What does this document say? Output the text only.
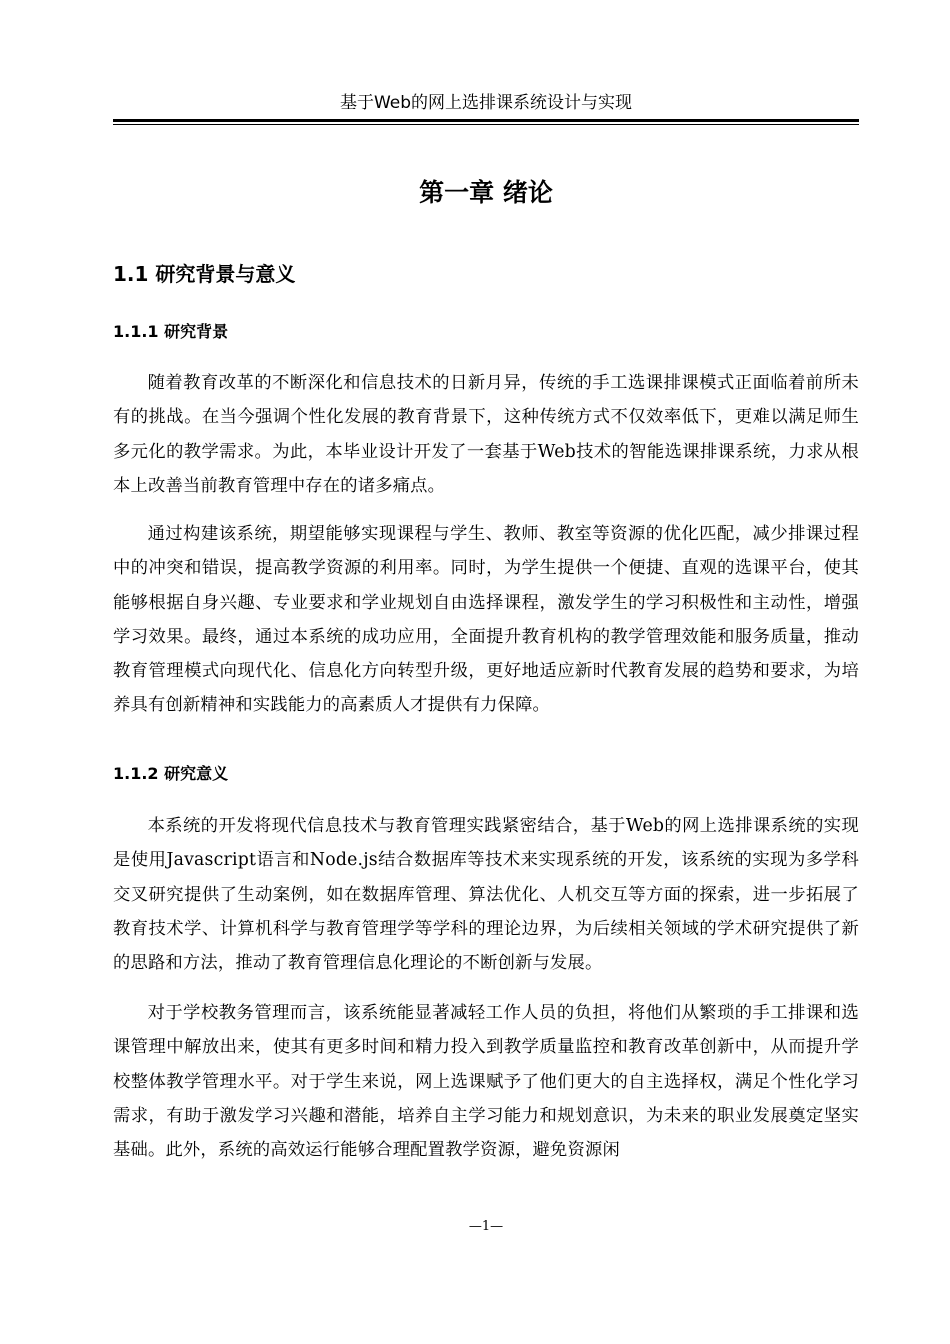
基于Web的网上选排课系统设计与实现
第一章 绪论
1.1 研究背景与意义
1.1.1 研究背景

随着教育改革的不断深化和信息技术的日新月异，传统的手工选课排课模式正面临着前所未有的挑战。在当今强调个性化发展的教育背景下，这种传统方式不仅效率低下，更难以满足师生多元化的教学需求。为此，本毕业设计开发了一套基于Web技术的智能选课排课系统，力求从根本上改善当前教育管理中存在的诸多痛点。

通过构建该系统，期望能够实现课程与学生、教师、教室等资源的优化匹配，减少排课过程中的冲突和错误，提高教学资源的利用率。同时，为学生提供一个便捷、直观的选课平台，使其能够根据自身兴趣、专业要求和学业规划自由选择课程，激发学生的学习积极性和主动性，增强学习效果。最终，通过本系统的成功应用，全面提升教育机构的教学管理效能和服务质量，推动教育管理模式向现代化、信息化方向转型升级，更好地适应新时代教育发展的趋势和要求，为培养具有创新精神和实践能力的高素质人才提供有力保障。

1.1.2 研究意义

本系统的开发将现代信息技术与教育管理实践紧密结合，基于Web的网上选排课系统的实现是使用Javascript语言和Node.js结合数据库等技术来实现系统的开发，该系统的实现为多学科交叉研究提供了生动案例，如在数据库管理、算法优化、人机交互等方面的探索，进一步拓展了教育技术学、计算机科学与教育管理学等学科的理论边界，为后续相关领域的学术研究提供了新的思路和方法，推动了教育管理信息化理论的不断创新与发展。

对于学校教务管理而言，该系统能显著减轻工作人员的负担，将他们从繁琐的手工排课和选课管理中解放出来，使其有更多时间和精力投入到教学质量监控和教育改革创新中，从而提升学校整体教学管理水平。对于学生来说，网上选课赋予了他们更大的自主选择权，满足个性化学习需求，有助于激发学习兴趣和潜能，培养自主学习能力和规划意识，为未来的职业发展奠定坚实基础。此外，系统的高效运行能够合理配置教学资源，避免资源闲

—1—
